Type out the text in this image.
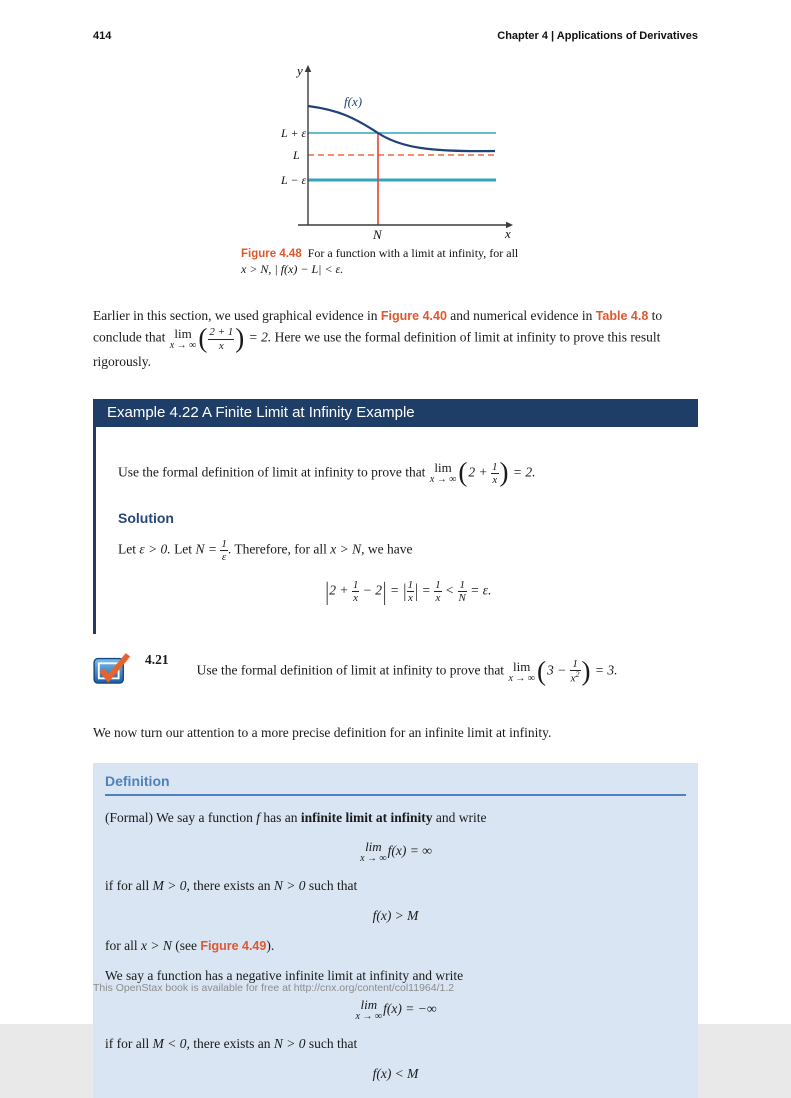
414	Chapter 4 | Applications of Derivatives
y
x
f(x)
L + ε
L
L − ε
N
Figure 4.48 For a function with a limit at infinity, for all
x > N, | f(x) − L| < ε.

Earlier in this section, we used graphical evidence in Figure 4.40 and numerical evidence in Table 4.8 to conclude that lim
x → ∞ ( $\frac{2 + 1}{x}$ ) = 2. Here we use the formal definition of limit at infinity to prove this result rigorously.

Example 4.22 A Finite Limit at Infinity Example
Use the formal definition of limit at infinity to prove that lim
x → ∞ ($2 + \frac{1}{x}$ ) = 2.
Solution
Let ε > 0. Let $N = \frac{1}{\varepsilon}$ . Therefore, for all x > N, we have
$|2 + \frac{1}{x} - 2|$ = | $\frac{1}{x}$ | = $\frac{1}{x} < \frac{1}{N} = \varepsilon$.
4.21
Use the formal definition of limit at infinity to prove that lim
x → ∞ ($3 - \frac{1}{x^2}$ ) = 3.

We now turn our attention to a more precise definition for an infinite limit at infinity.

Definition

(Formal) We say a function f has an infinite limit at infinity and write

lim
x → ∞
f(x) = ∞

if for all M > 0, there exists an N > 0 such that

f(x) > M

for all x > N (see Figure 4.49).

We say a function has a negative infinite limit at infinity and write

lim
x → ∞
f(x) = −∞

if for all M < 0, there exists an N > 0 such that

f(x) < M
This OpenStax book is available for free at http://cnx.org/content/col11964/1.2
